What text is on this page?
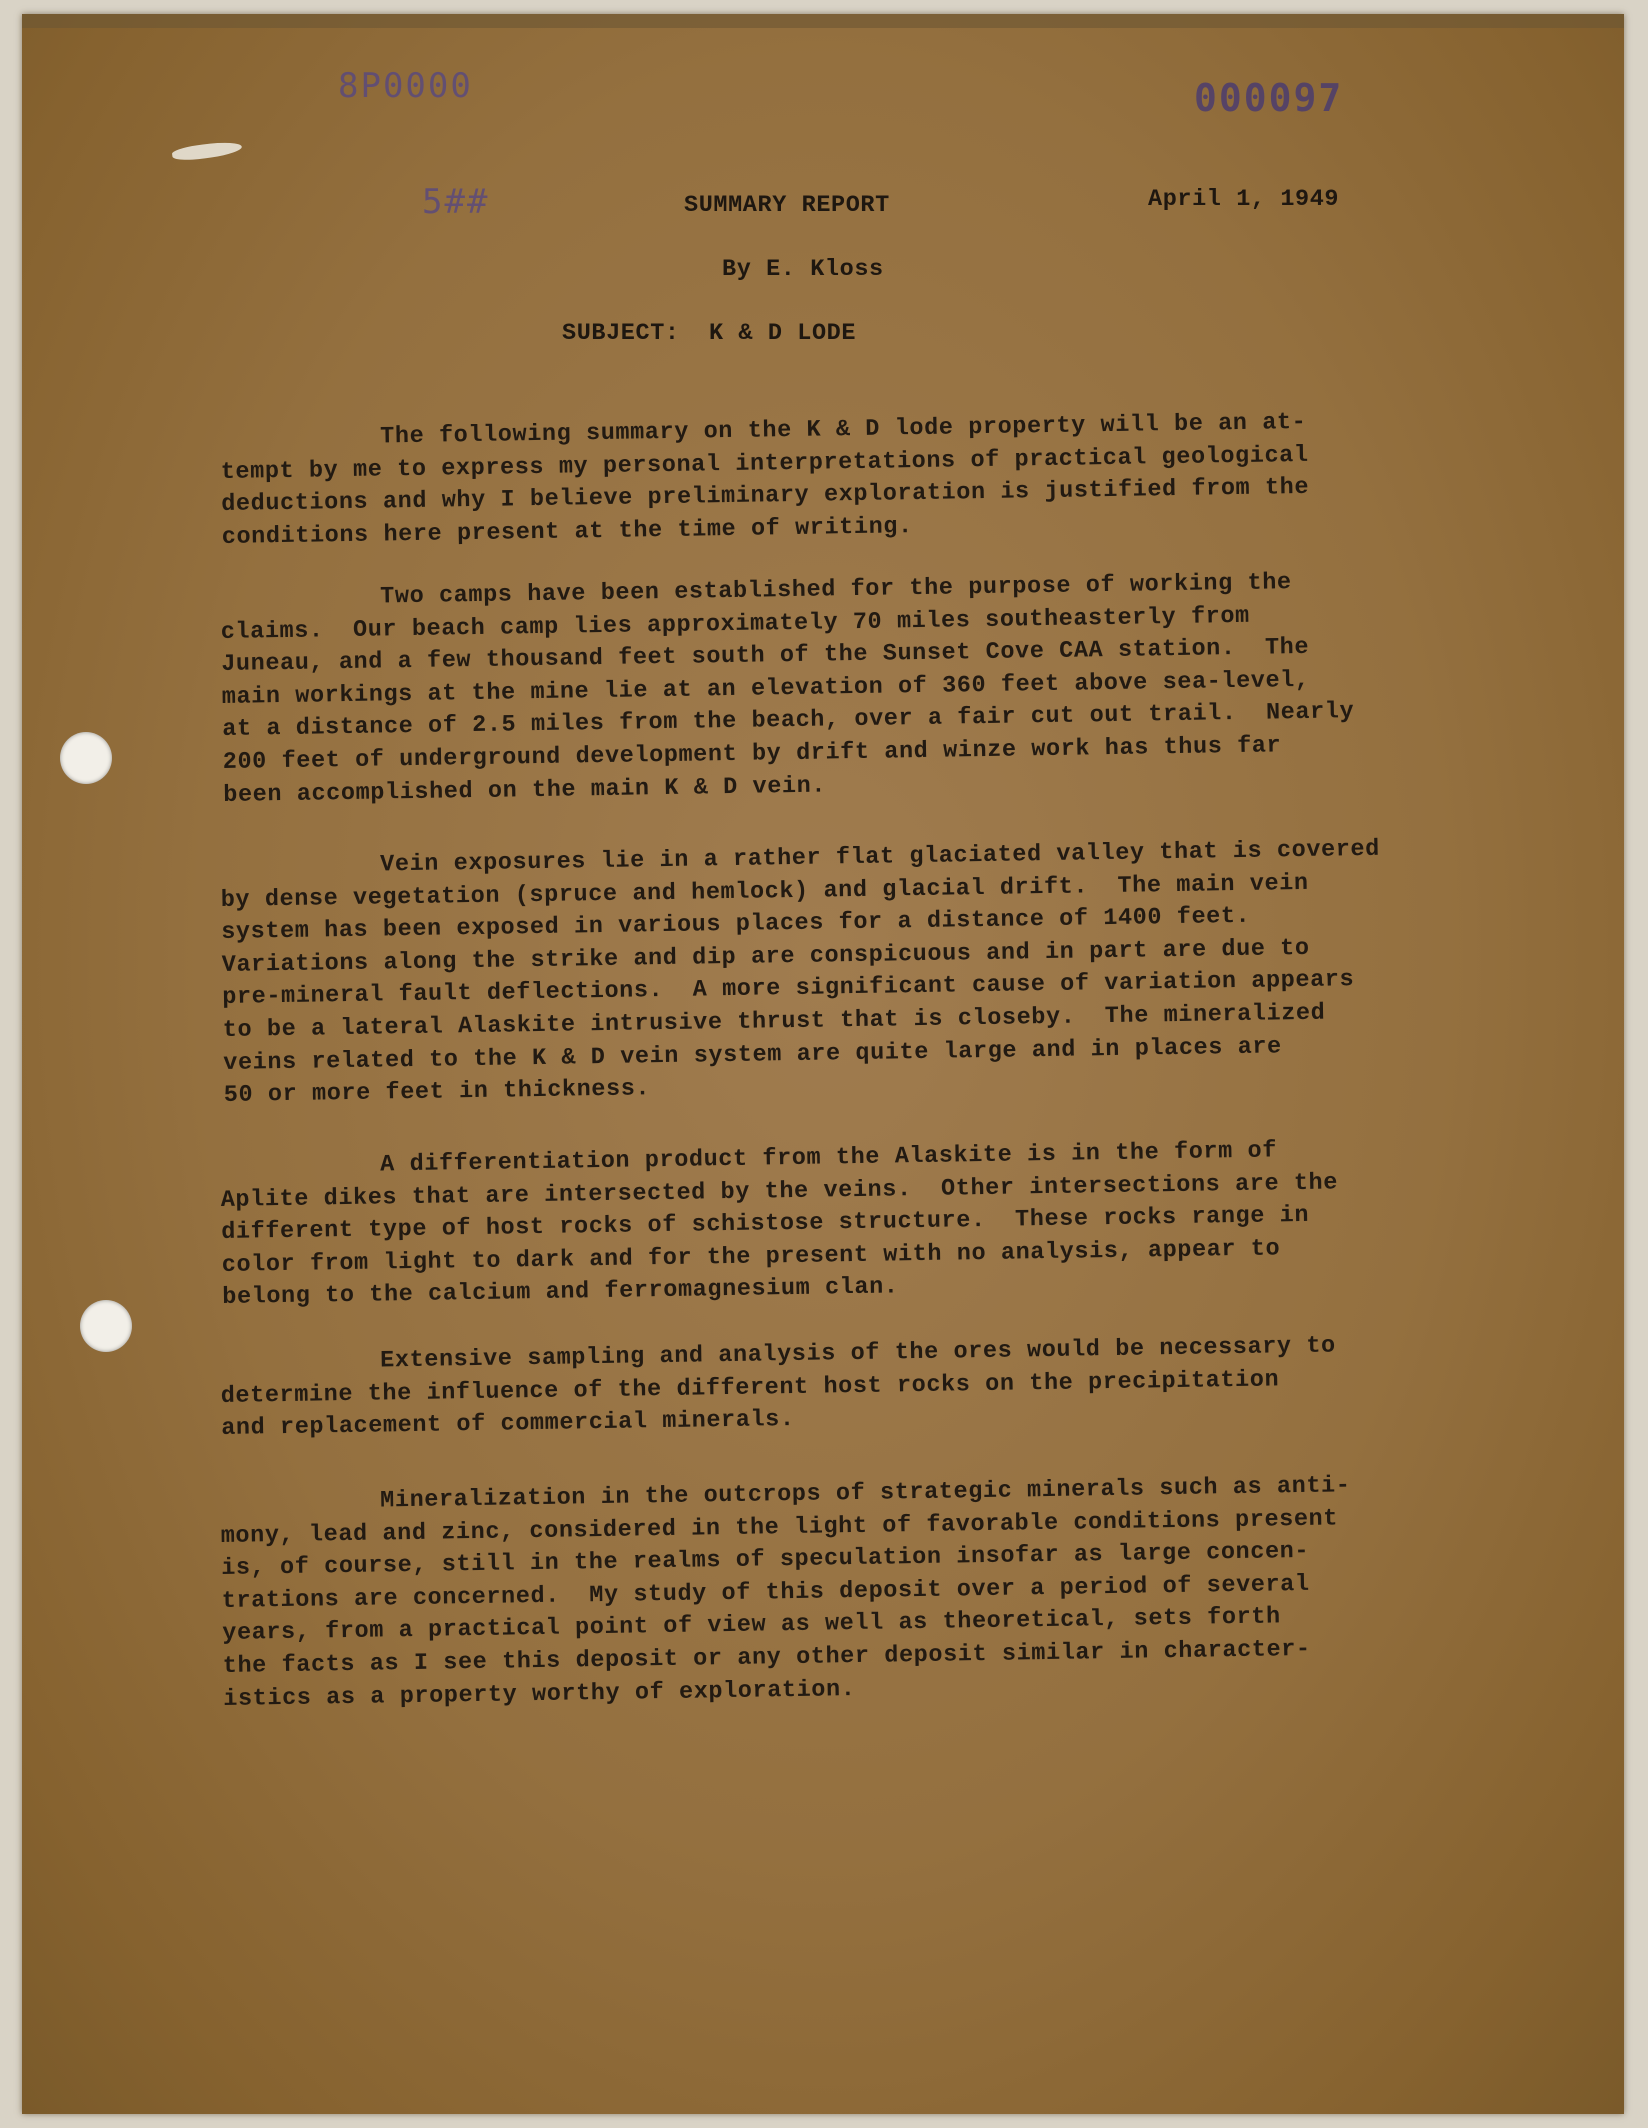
8P0000	000097
5##	SUMMARY REPORT	April 1, 1949
By E. Kloss
SUBJECT:  K & D LODE
The following summary on the K & D lode property will be an at-
tempt by me to express my personal interpretations of practical geological
deductions and why I believe preliminary exploration is justified from the
conditions here present at the time of writing.
Two camps have been established for the purpose of working the
claims.  Our beach camp lies approximately 70 miles southeasterly from
Juneau, and a few thousand feet south of the Sunset Cove CAA station.  The
main workings at the mine lie at an elevation of 360 feet above sea-level,
at a distance of 2.5 miles from the beach, over a fair cut out trail.  Nearly
200 feet of underground development by drift and winze work has thus far
been accomplished on the main K & D vein.
Vein exposures lie in a rather flat glaciated valley that is covered
by dense vegetation (spruce and hemlock) and glacial drift.  The main vein
system has been exposed in various places for a distance of 1400 feet.
Variations along the strike and dip are conspicuous and in part are due to
pre-mineral fault deflections.  A more significant cause of variation appears
to be a lateral Alaskite intrusive thrust that is closeby.  The mineralized
veins related to the K & D vein system are quite large and in places are
50 or more feet in thickness.
A differentiation product from the Alaskite is in the form of
Aplite dikes that are intersected by the veins.  Other intersections are the
different type of host rocks of schistose structure.  These rocks range in
color from light to dark and for the present with no analysis, appear to
belong to the calcium and ferromagnesium clan.
Extensive sampling and analysis of the ores would be necessary to
determine the influence of the different host rocks on the precipitation
and replacement of commercial minerals.
Mineralization in the outcrops of strategic minerals such as anti-
mony, lead and zinc, considered in the light of favorable conditions present
is, of course, still in the realms of speculation insofar as large concen-
trations are concerned.  My study of this deposit over a period of several
years, from a practical point of view as well as theoretical, sets forth
the facts as I see this deposit or any other deposit similar in character-
istics as a property worthy of exploration.
